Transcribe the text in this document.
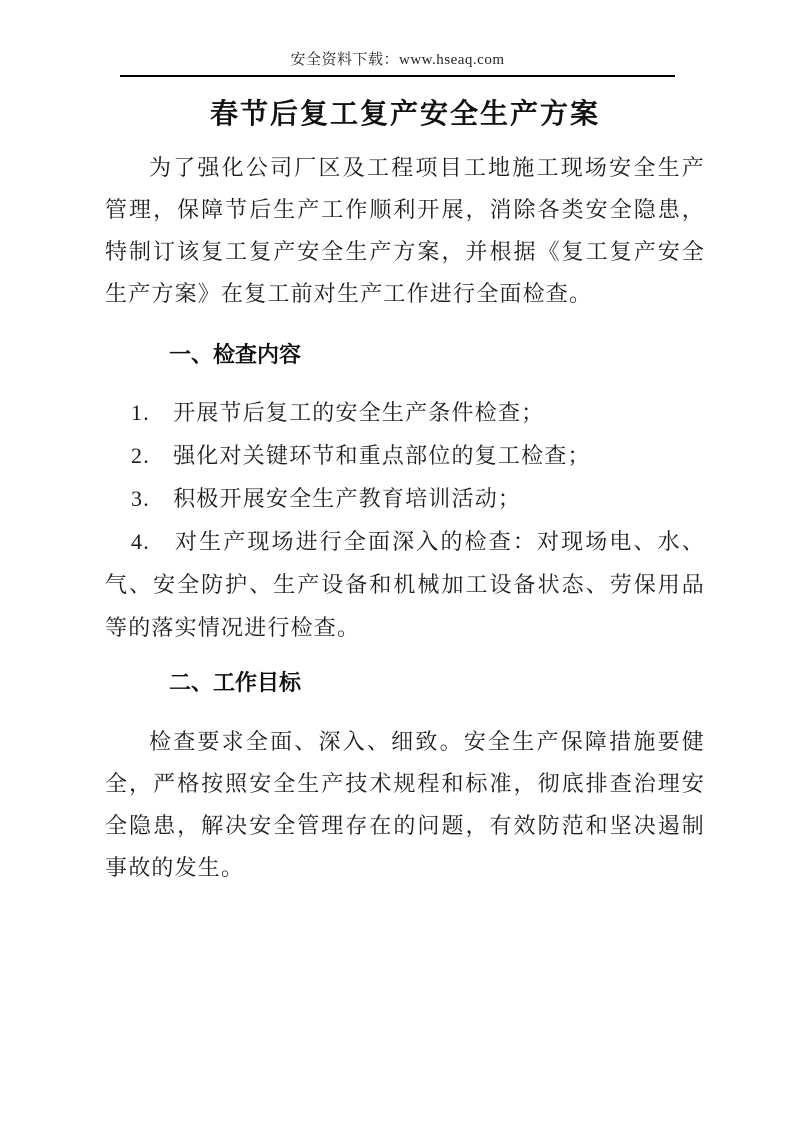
安全资料下载：www.hseaq.com
春节后复工复产安全生产方案

为了强化公司厂区及工程项目工地施工现场安全生产管理，保障节后生产工作顺利开展，消除各类安全隐患，特制订该复工复产安全生产方案，并根据《复工复产安全生产方案》在复工前对生产工作进行全面检查。

一、检查内容

1.　开展节后复工的安全生产条件检查；

2.　强化对关键环节和重点部位的复工检查；

3.　积极开展安全生产教育培训活动；

4.　对生产现场进行全面深入的检查：对现场电、水、气、安全防护、生产设备和机械加工设备状态、劳保用品等的落实情况进行检查。

二、工作目标

检查要求全面、深入、细致。安全生产保障措施要健全，严格按照安全生产技术规程和标准，彻底排查治理安全隐患，解决安全管理存在的问题，有效防范和坚决遏制事故的发生。
